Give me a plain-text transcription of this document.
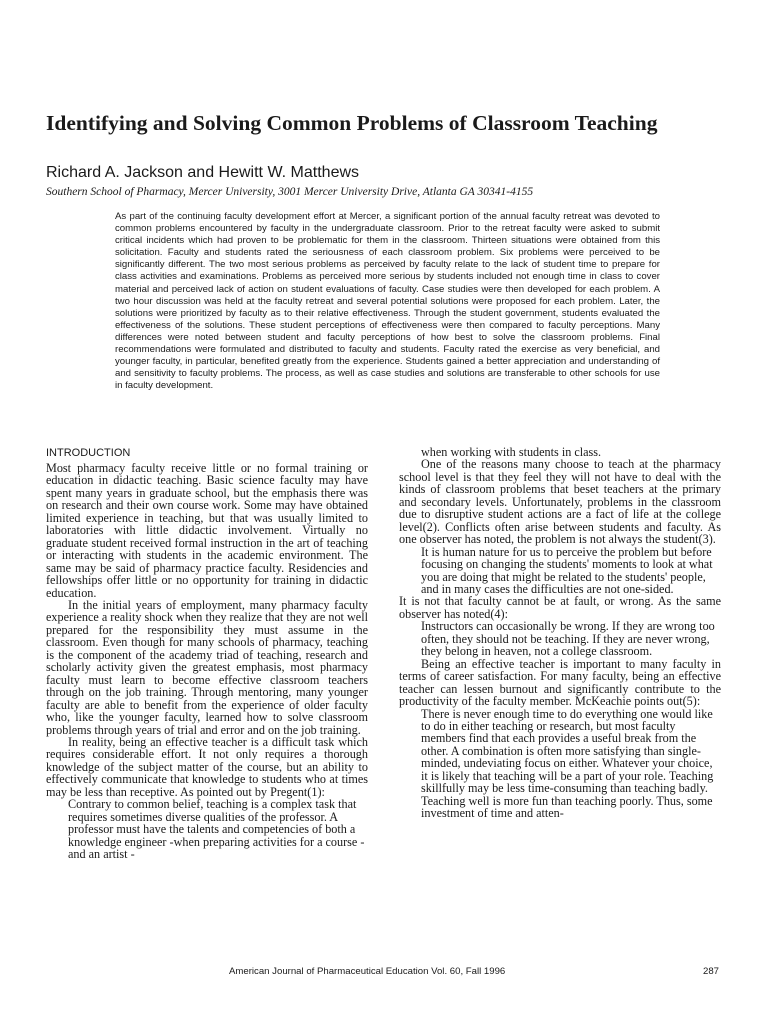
Identifying and Solving Common Problems of Classroom Teaching
Richard A. Jackson and Hewitt W. Matthews
Southern School of Pharmacy, Mercer University, 3001 Mercer University Drive, Atlanta GA 30341-4155

As part of the continuing faculty development effort at Mercer, a significant portion of the annual faculty retreat was devoted to common problems encountered by faculty in the undergraduate classroom. Prior to the retreat faculty were asked to submit critical incidents which had proven to be problematic for them in the classroom. Thirteen situations were obtained from this solicitation. Faculty and students rated the seriousness of each classroom problem. Six problems were perceived to be significantly different. The two most serious problems as perceived by faculty relate to the lack of student time to prepare for class activities and examinations. Problems as perceived more serious by students included not enough time in class to cover material and perceived lack of action on student evaluations of faculty. Case studies were then developed for each problem. A two hour discussion was held at the faculty retreat and several potential solutions were proposed for each problem. Later, the solutions were prioritized by faculty as to their relative effectiveness. Through the student government, students evaluated the effectiveness of the solutions. These student perceptions of effectiveness were then compared to faculty perceptions. Many differences were noted between student and faculty perceptions of how best to solve the classroom problems. Final recommendations were formulated and distributed to faculty and students. Faculty rated the exercise as very beneficial, and younger faculty, in particular, benefited greatly from the experience. Students gained a better appreciation and understanding of and sensitivity to faculty problems. The process, as well as case studies and solutions are transferable to other schools for use in faculty development.

INTRODUCTION

Most pharmacy faculty receive little or no formal training or education in didactic teaching. Basic science faculty may have spent many years in graduate school, but the emphasis there was on research and their own course work. Some may have obtained limited experience in teaching, but that was usually limited to laboratories with little didactic involvement. Virtually no graduate student received formal instruction in the art of teaching or interacting with students in the academic environment. The same may be said of pharmacy practice faculty. Residencies and fellowships offer little or no opportunity for training in didactic education.

In the initial years of employment, many pharmacy faculty experience a reality shock when they realize that they are not well prepared for the responsibility they must assume in the classroom. Even though for many schools of pharmacy, teaching is the component of the academy triad of teaching, research and scholarly activity given the greatest emphasis, most pharmacy faculty must learn to become effective classroom teachers through on the job training. Through mentoring, many younger faculty are able to benefit from the experience of older faculty who, like the younger faculty, learned how to solve classroom problems through years of trial and error and on the job training.

In reality, being an effective teacher is a difficult task which requires considerable effort. It not only requires a thorough knowledge of the subject matter of the course, but an ability to effectively communicate that knowledge to students who at times may be less than receptive. As pointed out by Pregent(1):

Contrary to common belief, teaching is a complex task that requires sometimes diverse qualities of the professor. A professor must have the talents and competencies of both a knowledge engineer -when preparing activities for a course - and an artist -

when working with students in class.

One of the reasons many choose to teach at the pharmacy school level is that they feel they will not have to deal with the kinds of classroom problems that beset teachers at the primary and secondary levels. Unfortunately, problems in the classroom due to disruptive student actions are a fact of life at the college level(2). Conflicts often arise between students and faculty. As one observer has noted, the problem is not always the student(3).

It is human nature for us to perceive the problem but before focusing on changing the students' moments to look at what you are doing that might be related to the students' people, and in many cases the difficulties are not one-sided.

It is not that faculty cannot be at fault, or wrong. As the same observer has noted(4):

Instructors can occasionally be wrong. If they are wrong too often, they should not be teaching. If they are never wrong, they belong in heaven, not a college classroom.

Being an effective teacher is important to many faculty in terms of career satisfaction. For many faculty, being an effective teacher can lessen burnout and significantly contribute to the productivity of the faculty member. McKeachie points out(5):

There is never enough time to do everything one would like to do in either teaching or research, but most faculty members find that each provides a useful break from the other. A combination is often more satisfying than single-minded, undeviating focus on either. Whatever your choice, it is likely that teaching will be a part of your role. Teaching skillfully may be less time-consuming than teaching badly. Teaching well is more fun than teaching poorly. Thus, some investment of time and atten-

American Journal of Pharmaceutical Education Vol. 60, Fall 1996	287
